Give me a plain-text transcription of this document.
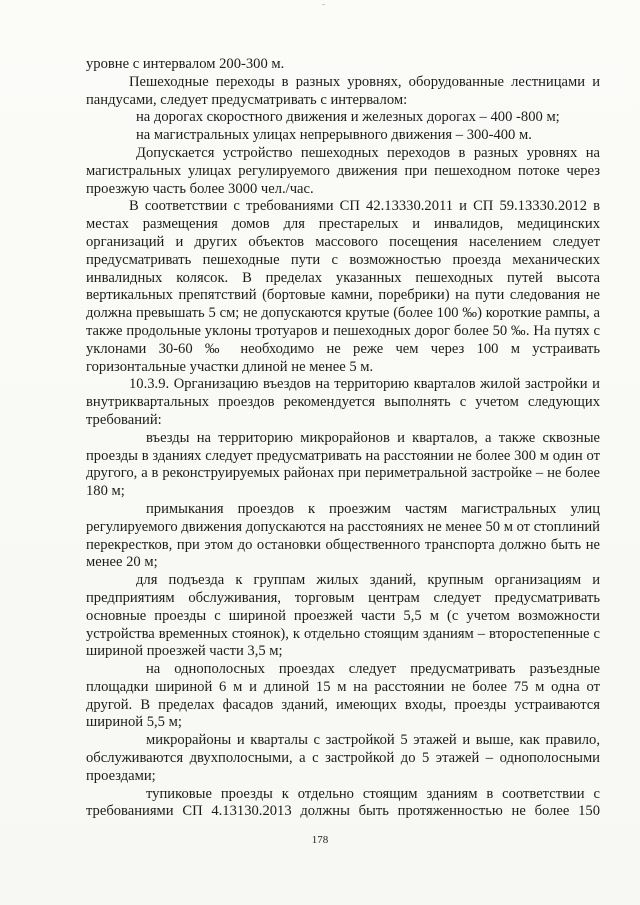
уровне с интервалом 200-300 м.

Пешеходные переходы в разных уровнях, оборудованные лестницами и пандусами, следует предусматривать с интервалом:

на дорогах скоростного движения и железных дорогах – 400 -800 м;

на магистральных улицах непрерывного движения – 300-400 м.

Допускается устройство пешеходных переходов в разных уровнях на магистральных улицах регулируемого движения при пешеходном потоке через проезжую часть более 3000 чел./час.

В соответствии с требованиями СП 42.13330.2011 и СП 59.13330.2012 в местах размещения домов для престарелых и инвалидов, медицинских организаций и других объектов массового посещения населением следует предусматривать пешеходные пути с возможностью проезда механических инвалидных колясок. В пределах указанных пешеходных путей высота вертикальных препятствий (бортовые камни, поребрики) на пути следования не должна превышать 5 см; не допускаются крутые (более 100 ‰) короткие рампы, а также продольные уклоны тротуаров и пешеходных дорог более 50 ‰. На путях с уклонами 30-60 ‰ необходимо не реже чем через 100 м устраивать горизонтальные участки длиной не менее 5 м.

10.3.9. Организацию въездов на территорию кварталов жилой застройки и внутриквартальных проездов рекомендуется выполнять с учетом следующих требований:

въезды на территорию микрорайонов и кварталов, а также сквозные проезды в зданиях следует предусматривать на расстоянии не более 300 м один от другого, а в реконструируемых районах при периметральной застройке – не более 180 м;

примыкания проездов к проезжим частям магистральных улиц регулируемого движения допускаются на расстояниях не менее 50 м от стоплиний перекрестков, при этом до остановки общественного транспорта должно быть не менее 20 м;

для подъезда к группам жилых зданий, крупным организациям и предприятиям обслуживания, торговым центрам следует предусматривать основные проезды с шириной проезжей части 5,5 м (с учетом возможности устройства временных стоянок), к отдельно стоящим зданиям – второстепенные с шириной проезжей части 3,5 м;

на однополосных проездах следует предусматривать разъездные площадки шириной 6 м и длиной 15 м на расстоянии не более 75 м одна от другой. В пределах фасадов зданий, имеющих входы, проезды устраиваются шириной 5,5 м;

микрорайоны и кварталы с застройкой 5 этажей и выше, как правило, обслуживаются двухполосными, а с застройкой до 5 этажей – однополосными проездами;

тупиковые проезды к отдельно стоящим зданиям в соответствии с требованиями СП 4.13130.2013 должны быть протяженностью не более 150

178
